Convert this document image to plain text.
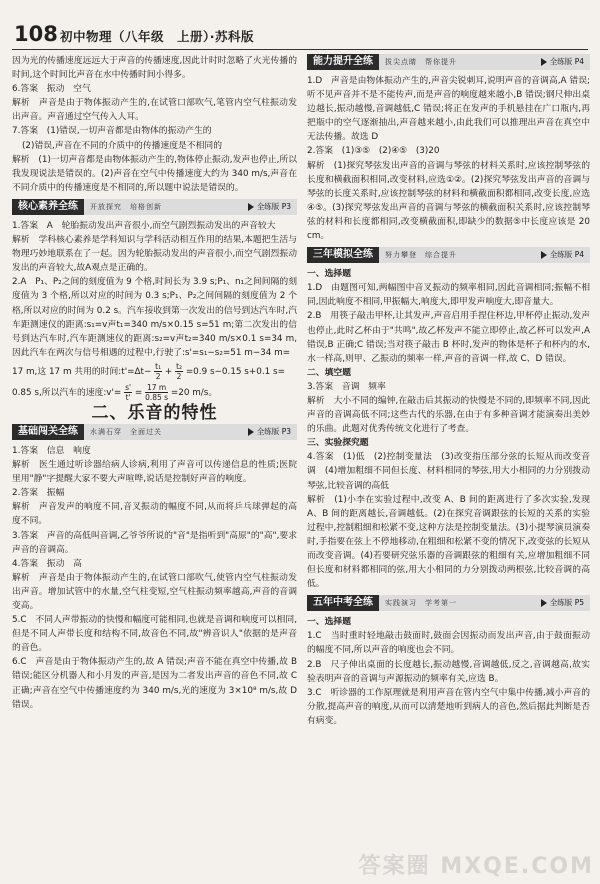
108 初中物理（八年级　上册）·苏科版

因为光的传播速度远远大于声音的传播速度,因此计时时忽略了火光传播的时间,这个时间比声音在水中传播时间小得多。

6.答案　振动　空气

解析　声音是由于物体振动产生的,在试管口部吹气,笔管内空气柱振动发出声音。声音通过空气传入人耳。

7.答案　(1)错误,一切声音都是由物体的振动产生的

(2)错误,声音在不同的介质中的传播速度是不相同的

解析　(1)一切声音都是由物体振动产生的,物体停止振动,发声也停止,所以我发现说法是错误的。(2)声音在空气中传播速度大约为 340 m/s,声音在不同介质中的传播速度是不相同的,所以题中说法是错误的。

核心素养全练	开放探究　培格创新	全练版 P3

1.答案　A　轮胎振动发出声音很小,而空气剧烈振动发出的声音较大

解析　学科核心素养是学科知识与学科活动相互作用的结果,本题把生活与物理巧妙地联系在了一起。因为轮胎振动发出的声音很小,而空气剧烈振动发出的声音较大,故A观点是正确的。

2.A　P₁、P₂之间的刻度值为 9 个格,时间长为 3.9 s;P₁、n₁之间间隔的刻度值为 3 个格,所以对应的时间为 0.3 s;P₁、P₂之间间隔的刻度值为 2 个格,所以对应的时间为 0.2 s。汽车接收到第一次发出的信号到达汽车时,汽车距测速仪的距离:s₁=v声t₁=340 m/s×0.15 s=51 m;第二次发出的信号到达汽车时,汽车距测速仪的距离:s₂=v声t₂=340 m/s×0.1 s=34 m,因此汽车在两次与信号相遇的过程中,行驶了:s'=s₁−s₂=51 m−34 m=

17 m,这 17 m 共用的时间:t'=Δt− $\frac{\text{t₁}}{2} + \frac{\text{t₂}}{2} =0.9$ s−0.15 s+0.1 s=

0.85 s,所以汽车的速度:v'= $\frac{s'}{t'} = \frac{17 m}{0.85 s} =20$ m/s。

二、乐音的特性
基础闯关全练	水满石穿　全面过关	全练版 P3

1.答案　信息　响度

解析　医生通过听诊器给病人诊病,利用了声音可以传递信息的性质;医院里用"静"字提醒大家不要大声喧哗,说话是控制好声音的响度。

2.答案　振幅

解析　声音发声的响度不同,音叉振动的幅度不同,从而将乒乓球弹起的高度不同。

3.答案　声音的高低叫音调,乙爷爷所说的"音"是指听到"高原"的"高",要求声音的音调高。

4.答案　振动　高

解析　声音是由于物体振动产生的,在试管口部吹气,使管内空气柱振动发出声音。增加试管中的水量,空气柱变短,空气柱振动频率越高,声音的音调变高。

5.C　不同人声带振动的快慢和幅度可能相同,也就是音调和响度可以相同,但是不同人声带长度和结构不同,故音色不同,故"辨音识人"依据的是声音的音色。

6.C　声音是由于物体振动产生的,故 A 错误;声音不能在真空中传播,故 B 错误;能区分机器人和小月发的声音,是因为二者发出声音的音色不同,故 C 正确;声音在空气中传播速度约为 340 m/s,光的速度为 3×10⁸ m/s,故 D 错误。

能力提升全练	拔尖点睛　帮你提升	全练版 P4

1.D　声音是由物体振动产生的,声音尖锐刺耳,说明声音的音调高,A 错误;听不见声音并不是不能传声,而是声音的响度越来越小,B 错误;钢尺伸出桌边越长,振动越慢,音调越低,C 错误;将正在发声的手机悬挂在广口瓶内,再把瓶中的空气逐渐抽出,声音越来越小,由此我们可以推理出声音在真空中无法传播。故选 D

2.答案　(1)③⑤　(2)④⑤　(3)20

解析　(1)探究琴弦发出声音的音调与琴弦的材料关系时,应该控制琴弦的长度和横截面积相同,改变材料,应选①②。(2)探究琴弦发出声音的音调与琴弦的长度关系时,应该控制琴弦的材料和横截面积都相同,改变长度,应选④⑤。(3)探究琴弦发出声音的音调与琴弦的横截面积关系时,应该控制琴弦的材料和长度都相同,改变横截面积,即缺少的数据⑤中长度应该是 20 cm。

三年模拟全练	努力攀登　综合提升	全练版 P4

一、选择题

1.D　由题图可知,两幅图中音叉振动的频率相同,因此音调相同;振幅不相同,因此响度不相同,甲振幅大,响度大,即甲发声响度大,即音量大。

2.B　用筷子敲击甲杯,让其发声,声音启用手捏住杯边,甲杯停止振动,发声也停止,此时乙杯由于"共鸣",故乙杯发声不能立即停止,故乙杯可以发声,A 错误,B 正确;C 错误;当对筷子敲击 B 杯时,发声的物体是杯子和杯内的水,水一样高,则甲、乙振动的频率一样,声音的音调一样,故 C、D 错误。

二、填空题

3.答案　音调　频率

解析　大小不同的编钟,在敲击后其振动的快慢是不同的,即频率不同,因此声音的音调高低不同;这些古代的乐器,在由于有多种音调才能演奏出美妙的乐曲。此题对优秀传统文化进行了考查。

三、实验探究题

4.答案　(1)低　(2)控制变量法　(3)改变指压部分弦的长短从而改变音调　(4)增加粗细不同但长度、材料相同的琴弦,用大小相同的力分别拨动琴弦,比较音调的高低

解析　(1)小李在实验过程中,改变 A、B 间的距离进行了多次实验,发现 A、B 间的距离越长,音调越低。(2)在探究音调跟弦的长短的关系的实验过程中,控制粗细和松紧不变,这种方法是控制变量法。(3)小提琴演员演奏时,手指要在弦上不停地移动,在粗细和松紧不变的情况下,改变弦的长短从而改变音调。(4)若要研究弦乐器的音调跟弦的粗细有关,应增加粗细不同但长度和材料都相同的弦,用大小相同的力分别拨动两根弦,比较音调的高低。

五年中考全练	实践演习　学考第一	全练版 P5

一、选择题

1.C　当时重时轻地敲击鼓面时,鼓面会因振动而发出声音,由于鼓面振动的幅度不同,所以声音的响度也会不同。

2.B　尺子伸出桌面的长度越长,振动越慢,音调越低,反之,音调越高,故实验表明声音的音调与声源振动的频率有关,应选 B。

3.C　听诊器的工作原理就是利用声音在管内空气中集中传播,减小声音的分散,提高声音的响度,从而可以清楚地听到病人的音色,然后据此判断是否有病变。

答案圈 MXQE.COM
